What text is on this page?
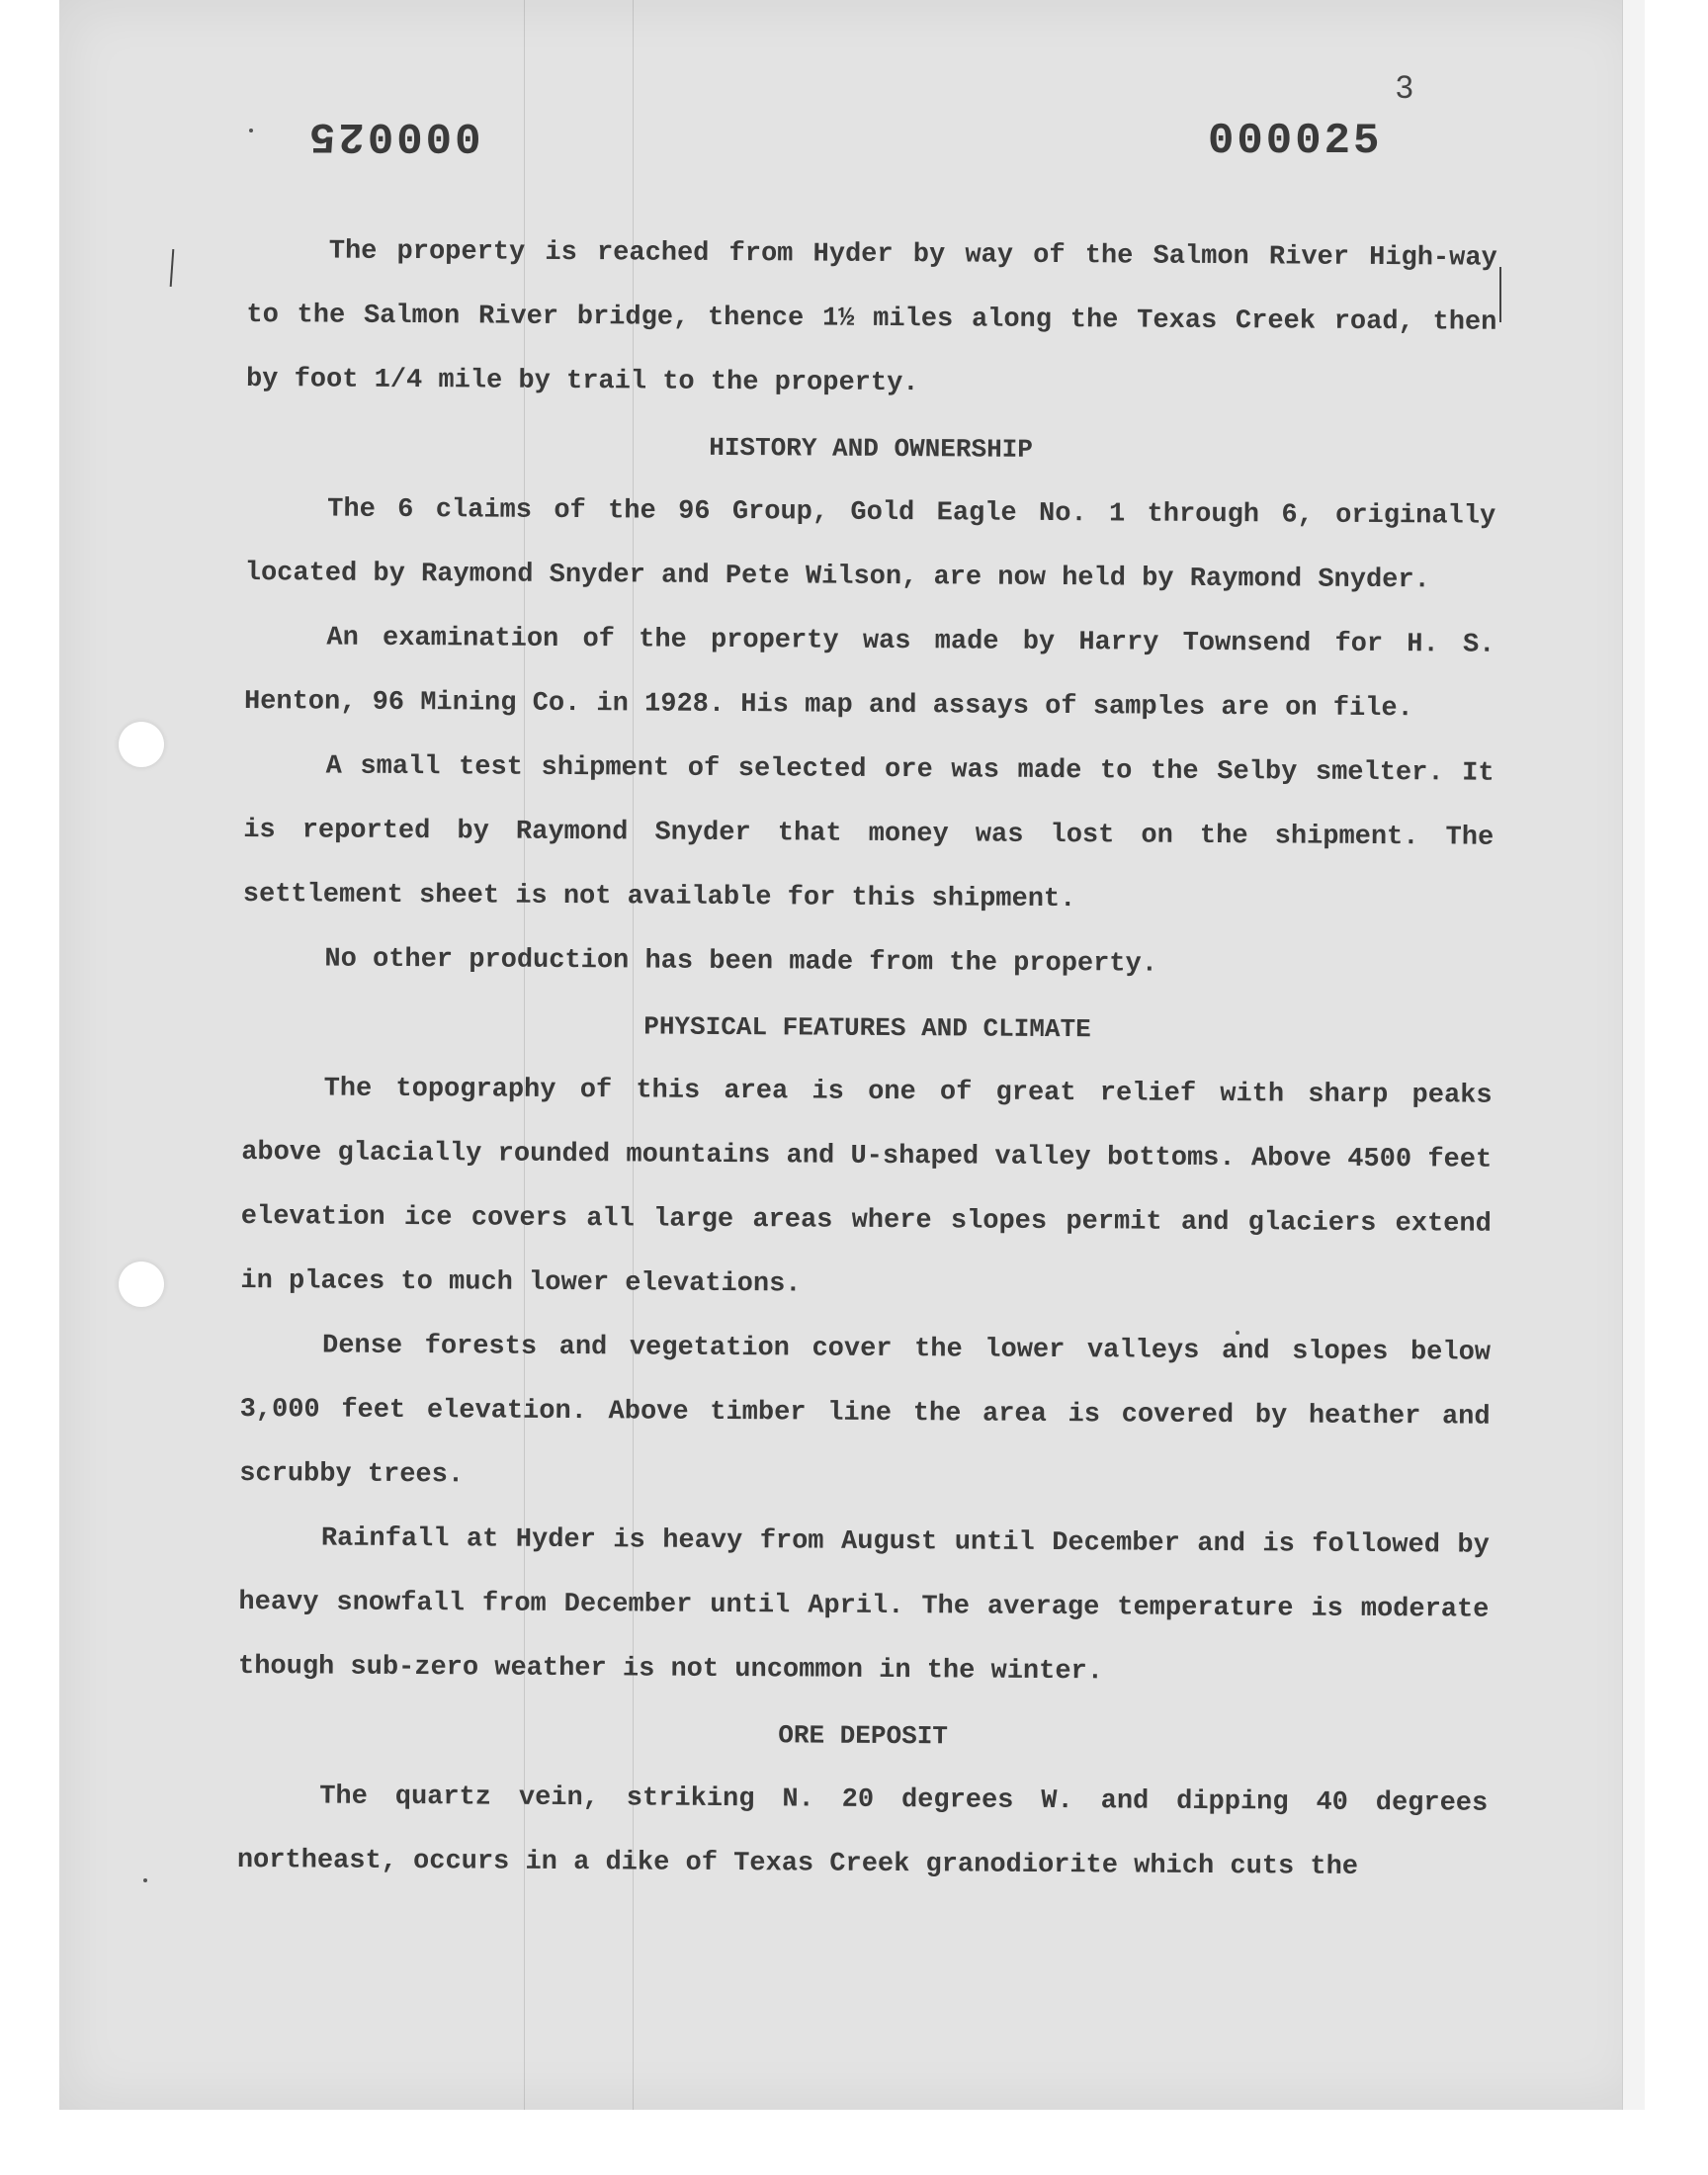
000025	000025
3

The property is reached from Hyder by way of the Salmon River High-way to the Salmon River bridge, thence 1½ miles along the Texas Creek road, then by foot 1/4 mile by trail to the property.

HISTORY AND OWNERSHIP

The 6 claims of the 96 Group, Gold Eagle No. 1 through 6, originally located by Raymond Snyder and Pete Wilson, are now held by Raymond Snyder.

An examination of the property was made by Harry Townsend for H. S. Henton, 96 Mining Co. in 1928. His map and assays of samples are on file.

A small test shipment of selected ore was made to the Selby smelter. It is reported by Raymond Snyder that money was lost on the shipment. The settlement sheet is not available for this shipment.

No other production has been made from the property.

PHYSICAL FEATURES AND CLIMATE

The topography of this area is one of great relief with sharp peaks above glacially rounded mountains and U-shaped valley bottoms. Above 4500 feet elevation ice covers all large areas where slopes permit and glaciers extend in places to much lower elevations.

Dense forests and vegetation cover the lower valleys and slopes below 3,000 feet elevation. Above timber line the area is covered by heather and scrubby trees.

Rainfall at Hyder is heavy from August until December and is followed by heavy snowfall from December until April. The average temperature is moderate though sub-zero weather is not uncommon in the winter.

ORE DEPOSIT

The quartz vein, striking N. 20 degrees W. and dipping 40 degrees northeast, occurs in a dike of Texas Creek granodiorite which cuts the
